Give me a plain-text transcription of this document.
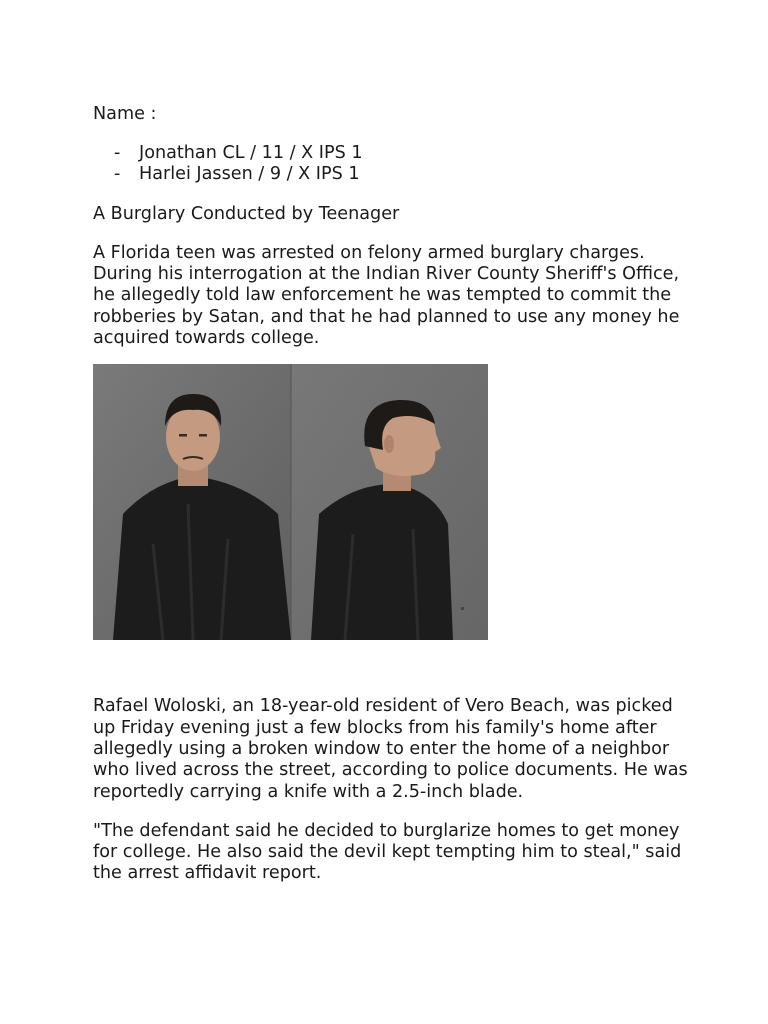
Name :

- Jonathan CL / 11 / X IPS 1
- Harlei Jassen / 9 / X IPS 1

A Burglary Conducted by Teenager

A Florida teen was arrested on felony armed burglary charges. During his interrogation at the Indian River County Sheriff's Office, he allegedly told law enforcement he was tempted to commit the robberies by Satan, and that he had planned to use any money he acquired towards college.

Rafael Woloski, an 18-year-old resident of Vero Beach, was picked up Friday evening just a few blocks from his family's home after allegedly using a broken window to enter the home of a neighbor who lived across the street, according to police documents. He was reportedly carrying a knife with a 2.5-inch blade.

"The defendant said he decided to burglarize homes to get money for college. He also said the devil kept tempting him to steal," said the arrest affidavit report.
